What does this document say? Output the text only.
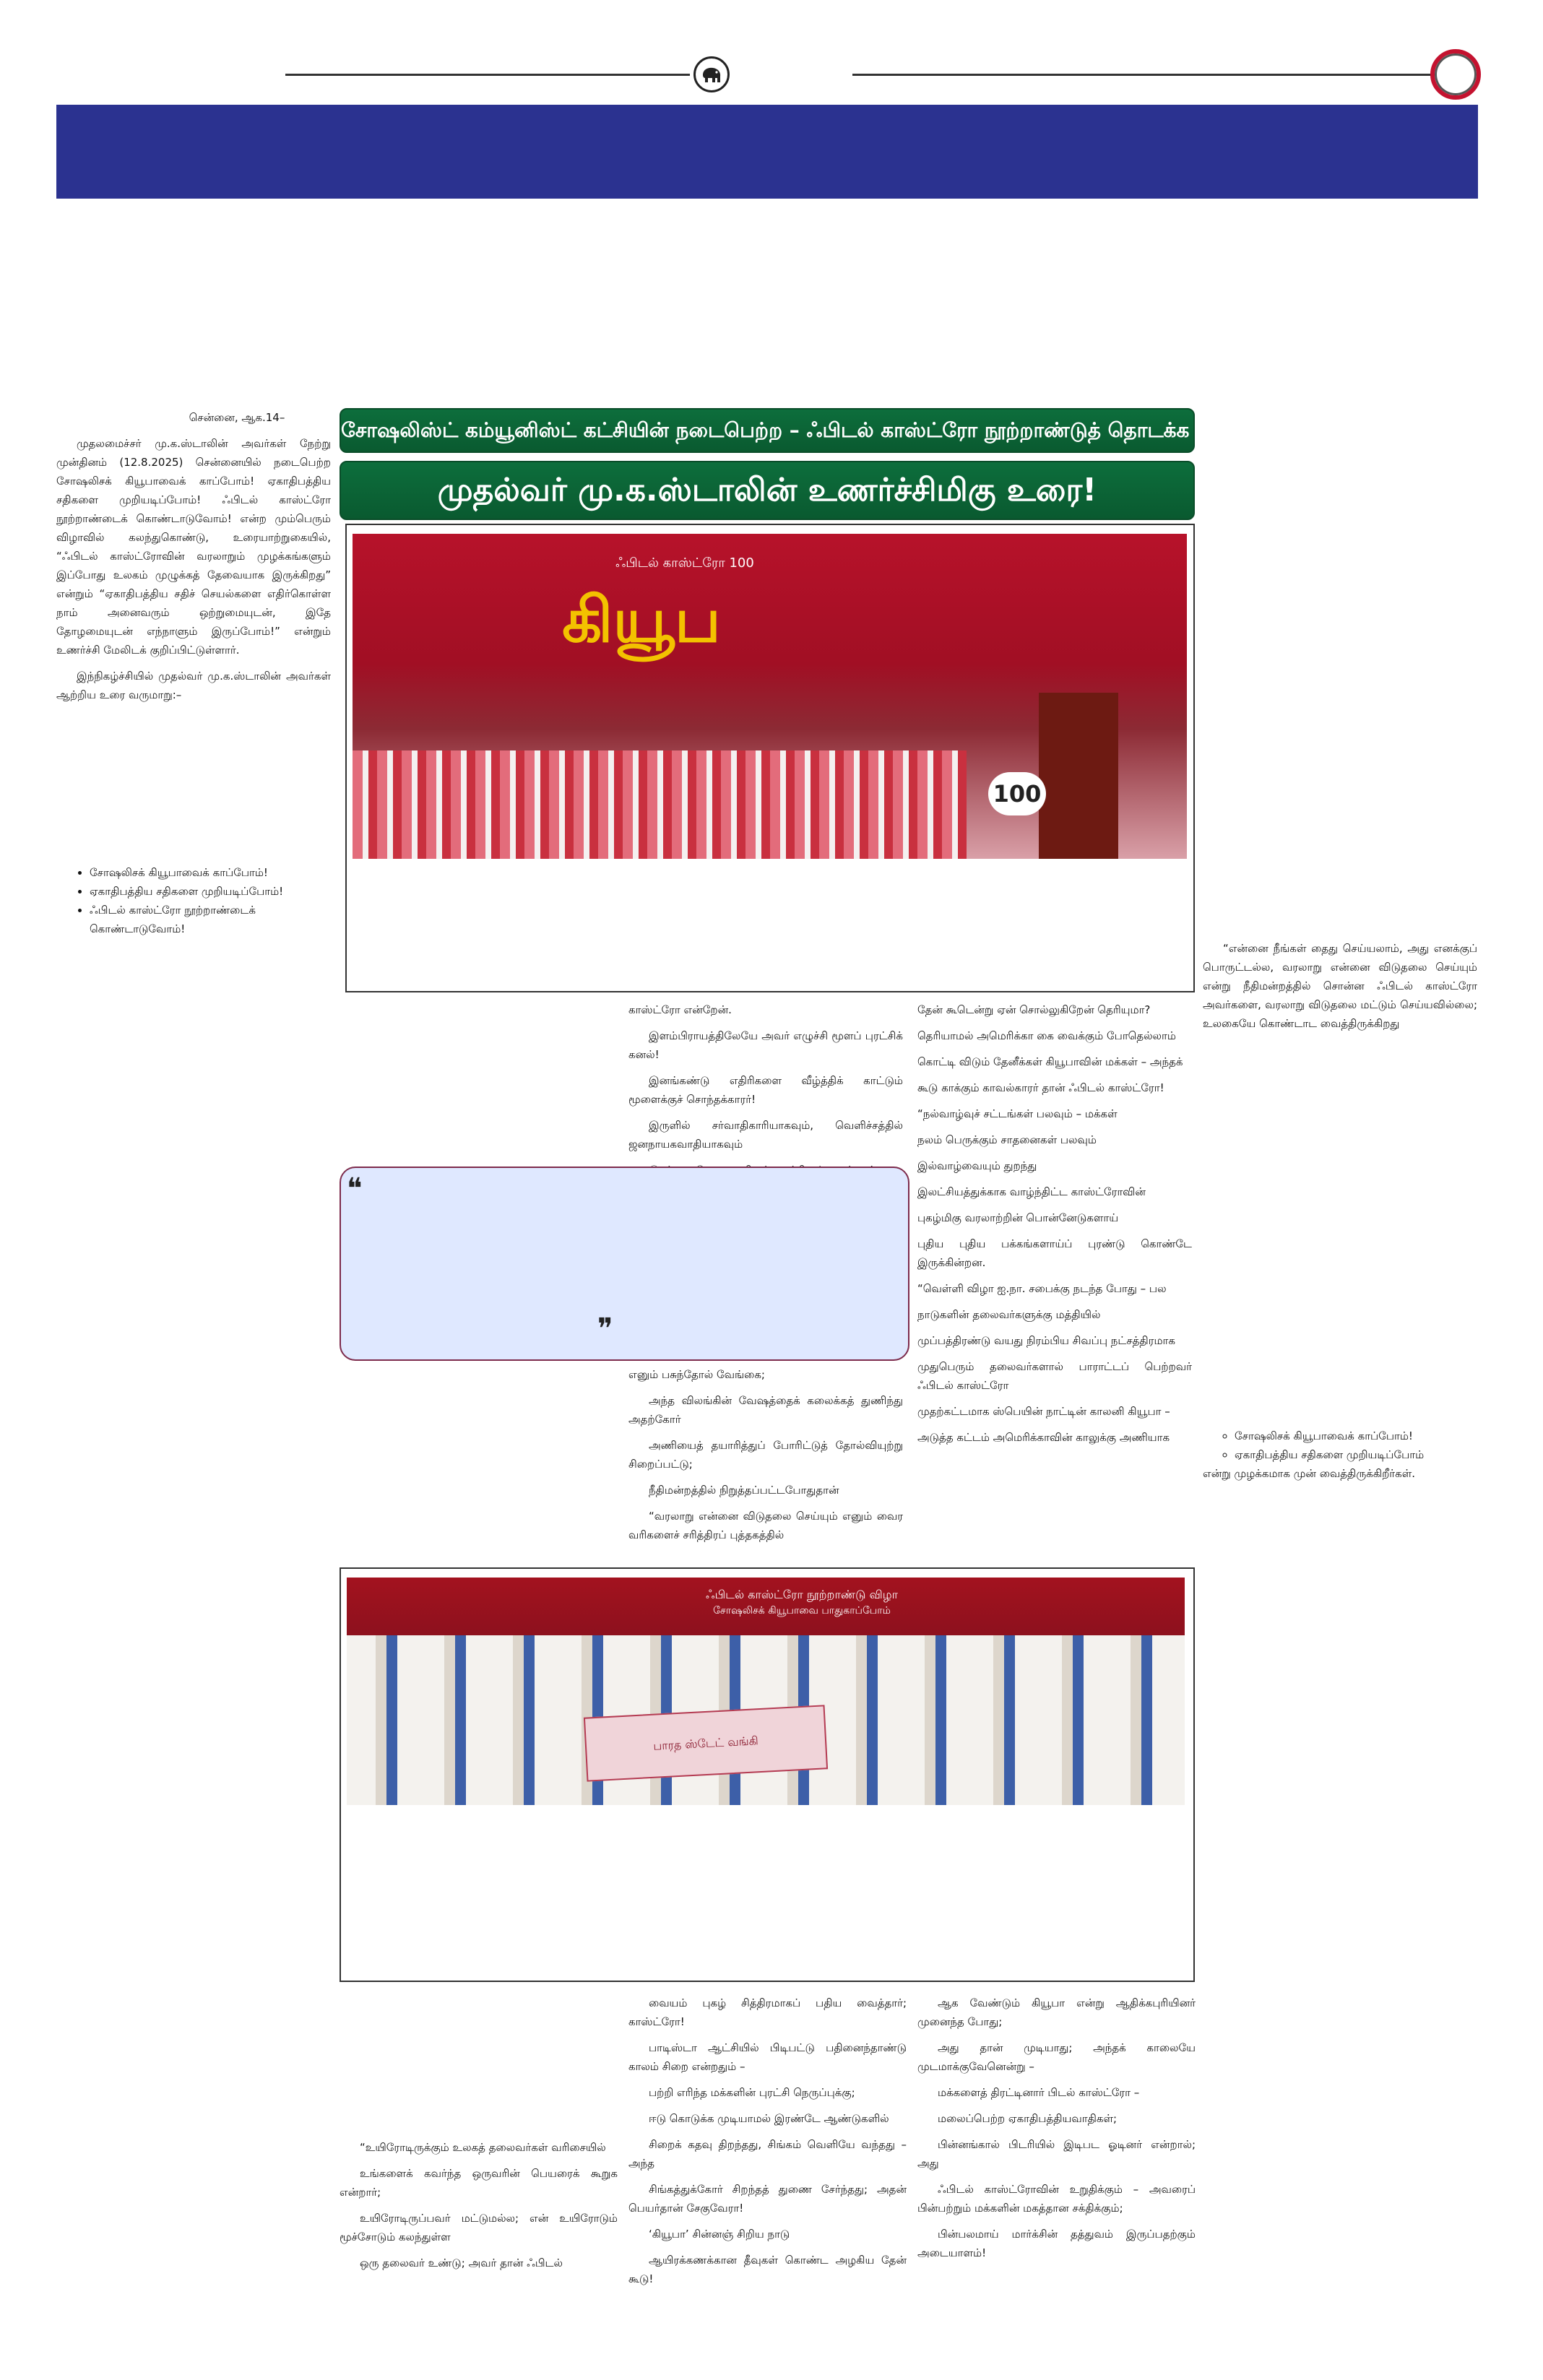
சென்னை, ஆக.14–

முதலமைச்சர் மு.க.ஸ்டாலின் அவர்கள் நேற்று முன்தினம் (12.8.2025) சென்னையில் நடைபெற்ற சோஷலிசக் கியூபாவைக் காப்போம்! ஏகாதிபத்திய சதிகளை முறியடிப்போம்! ஃபிடல் காஸ்ட்ரோ நூற்றாண்டைக் கொண்டாடுவோம்! என்ற மும்பெரும் விழாவில் கலந்துகொண்டு, உரையாற்றுகையில், “ஃபிடல் காஸ்ட்ரோவின் வரலாறும் முழக்கங்களும் இப்போது உலகம் முழுக்கத் தேவையாக இருக்கிறது” என்றும் “ஏகாதிபத்திய சதிச் செயல்களை எதிர்கொள்ள நாம் அனைவரும் ஒற்றுமையுடன், இதே தோழமையுடன் எந்நாளும் இருப்போம்!” என்றும் உணர்ச்சி மேலிடக் குறிப்பிட்டுள்ளார்.

இந்நிகழ்ச்சியில் முதல்வர் மு.க.ஸ்டாலின் அவர்கள் ஆற்றிய உரை வருமாறு:–

• சோஷலிசக் கியூபாவைக் காப்போம்!
• ஏகாதிபத்திய சதிகளை முறியடிப்போம்!
• ஃபிடல் காஸ்ட்ரோ நூற்றாண்டைக் கொண்டாடுவோம்!
சோஷலிஸ்ட் கம்யூனிஸ்ட் கட்சியின் நடைபெற்ற – ஃபிடல் காஸ்ட்ரோ நூற்றாண்டுத் தொடக்க விழாவில்,
முதல்வர் மு.க.ஸ்டாலின் உணர்ச்சிமிகு உரை!
ஃபிடல் காஸ்ட்ரோ 100
கியூப
100

“என்னை நீங்கள் தைது செய்யலாம், அது எனக்குப் பொருட்டல்ல, வரலாறு என்னை விடுதலை செய்யும் என்று நீதிமன்றத்தில் சொன்ன ஃபிடல் காஸ்ட்ரோ அவர்களை, வரலாறு விடுதலை மட்டும் செய்யவில்லை; உலகையே கொண்டாட வைத்திருக்கிறது

காஸ்ட்ரோ என்றேன்.

இளம்பிராயத்திலேயே அவர் எழுச்சி மூளப் புரட்சிக் கனல்!

இனங்கண்டு எதிரிகளை வீழ்த்திக் காட்டும் மூளைக்குச் சொந்தக்காரர்!

இருளில் சர்வாதிகாரியாகவும், வெளிச்சத்தில் ஜனநாயகவாதியாகவும்

❝
❞

எனும் பசுந்தோல் வேங்கை;

அந்த விலங்கின் வேஷத்தைக் கலைக்கத் துணிந்து அதற்கோர்

அணியைத் தயாரித்துப் போரிட்டுத் தோல்வியுற்று சிறைப்பட்டு;

நீதிமன்றத்தில் நிறுத்தப்பட்டபோதுதான்

“வரலாறு என்னை விடுதலை செய்யும் எனும் வைர வரிகளைச் சரித்திரப் புத்தகத்தில்

தேன் கூடென்று ஏன் சொல்லுகிறேன் தெரியுமா?

தெரியாமல் அமெரிக்கா கை வைக்கும் போதெல்லாம்

கொட்டி விடும் தேனீக்கள் கியூபாவின் மக்கள் – அந்தக்

கூடு காக்கும் காவல்காரர் தான் ஃபிடல் காஸ்ட்ரோ!

“நல்வாழ்வுச் சட்டங்கள் பலவும் – மக்கள்

நலம் பெருக்கும் சாதனைகள் பலவும்

இல்வாழ்வையும் துறந்து

இலட்சியத்துக்காக வாழ்ந்திட்ட காஸ்ட்ரோவின்

புகழ்மிகு வரலாற்றின் பொன்னேடுகளாய்

புதிய புதிய பக்கங்களாய்ப் புரண்டு கொண்டே இருக்கின்றன.

“வெள்ளி விழா ஐ.நா. சபைக்கு நடந்த போது – பல

நாடுகளின் தலைவர்களுக்கு மத்தியில்

முப்பத்திரண்டு வயது நிரம்பிய சிவப்பு நட்சத்திரமாக

முதுபெரும் தலைவர்களால் பாராட்டப் பெற்றவர் ஃபிடல் காஸ்ட்ரோ

முதற்கட்டமாக ஸ்பெயின் நாட்டின் காலனி கியூபா –

அடுத்த கட்டம் அமெரிக்காவின் காலுக்கு அணியாக

◦	சோஷலிசக் கியூபாவைக் காப்போம்!
◦ ஏகாதிபத்திய சதிகளை முறியடிப்போம்
என்று முழக்கமாக முன் வைத்திருக்கிறீர்கள்.
ஃபிடல் காஸ்ட்ரோ நூற்றாண்டு விழா
சோஷலிசக் கியூபாவை பாதுகாப்போம்
பாரத ஸ்டேட் வங்கி

“உயிரோடிருக்கும் உலகத் தலைவர்கள் வரிசையில்

உங்களைக் கவர்ந்த ஒருவரின் பெயரைக் கூறுக என்றார்;

உயிரோடிருப்பவர் மட்டுமல்ல; என் உயிரோடும் மூச்சோடும் கலந்துள்ள

ஒரு தலைவர் உண்டு; அவர் தான் ஃபிடல்

வையம் புகழ் சித்திரமாகப் பதிய வைத்தார்; காஸ்ட்ரோ!

பாடிஸ்டா ஆட்சியில் பிடிபட்டு பதினைந்தாண்டு காலம் சிறை என்றதும் –

பற்றி எரிந்த மக்களின் புரட்சி நெருப்புக்கு;

ஈடு கொடுக்க முடியாமல் இரண்டே ஆண்டுகளில்

சிறைக் கதவு திறந்தது, சிங்கம் வெளியே வந்தது – அந்த

சிங்கத்துக்கோர் சிறந்தத் துணை சேர்ந்தது; அதன் பெயர்தான் சேகுவேரா!

‘கியூபா’ சின்னஞ் சிறிய நாடு

ஆயிரக்கணக்கான தீவுகள் கொண்ட அழகிய தேன் கூடு!

ஆக வேண்டும் கியூபா என்று ஆதிக்கபுரியினர் முனைந்த போது;

அது தான் முடியாது; அந்தக் காலையே முடமாக்குவேனென்று –

மக்களைத் திரட்டினார் பிடல் காஸ்ட்ரோ –

மலைப்பெற்ற ஏகாதிபத்தியவாதிகள்;

பின்னங்கால் பிடரியில் இடிபட ஓடினர் என்றால்; அது

ஃபிடல் காஸ்ட்ரோவின் உறுதிக்கும் – அவரைப் பின்பற்றும் மக்களின் மகத்தான சக்திக்கும்;

பின்பலமாய் மார்க்சின் தத்துவம் இருப்பதற்கும் அடையாளம்!
